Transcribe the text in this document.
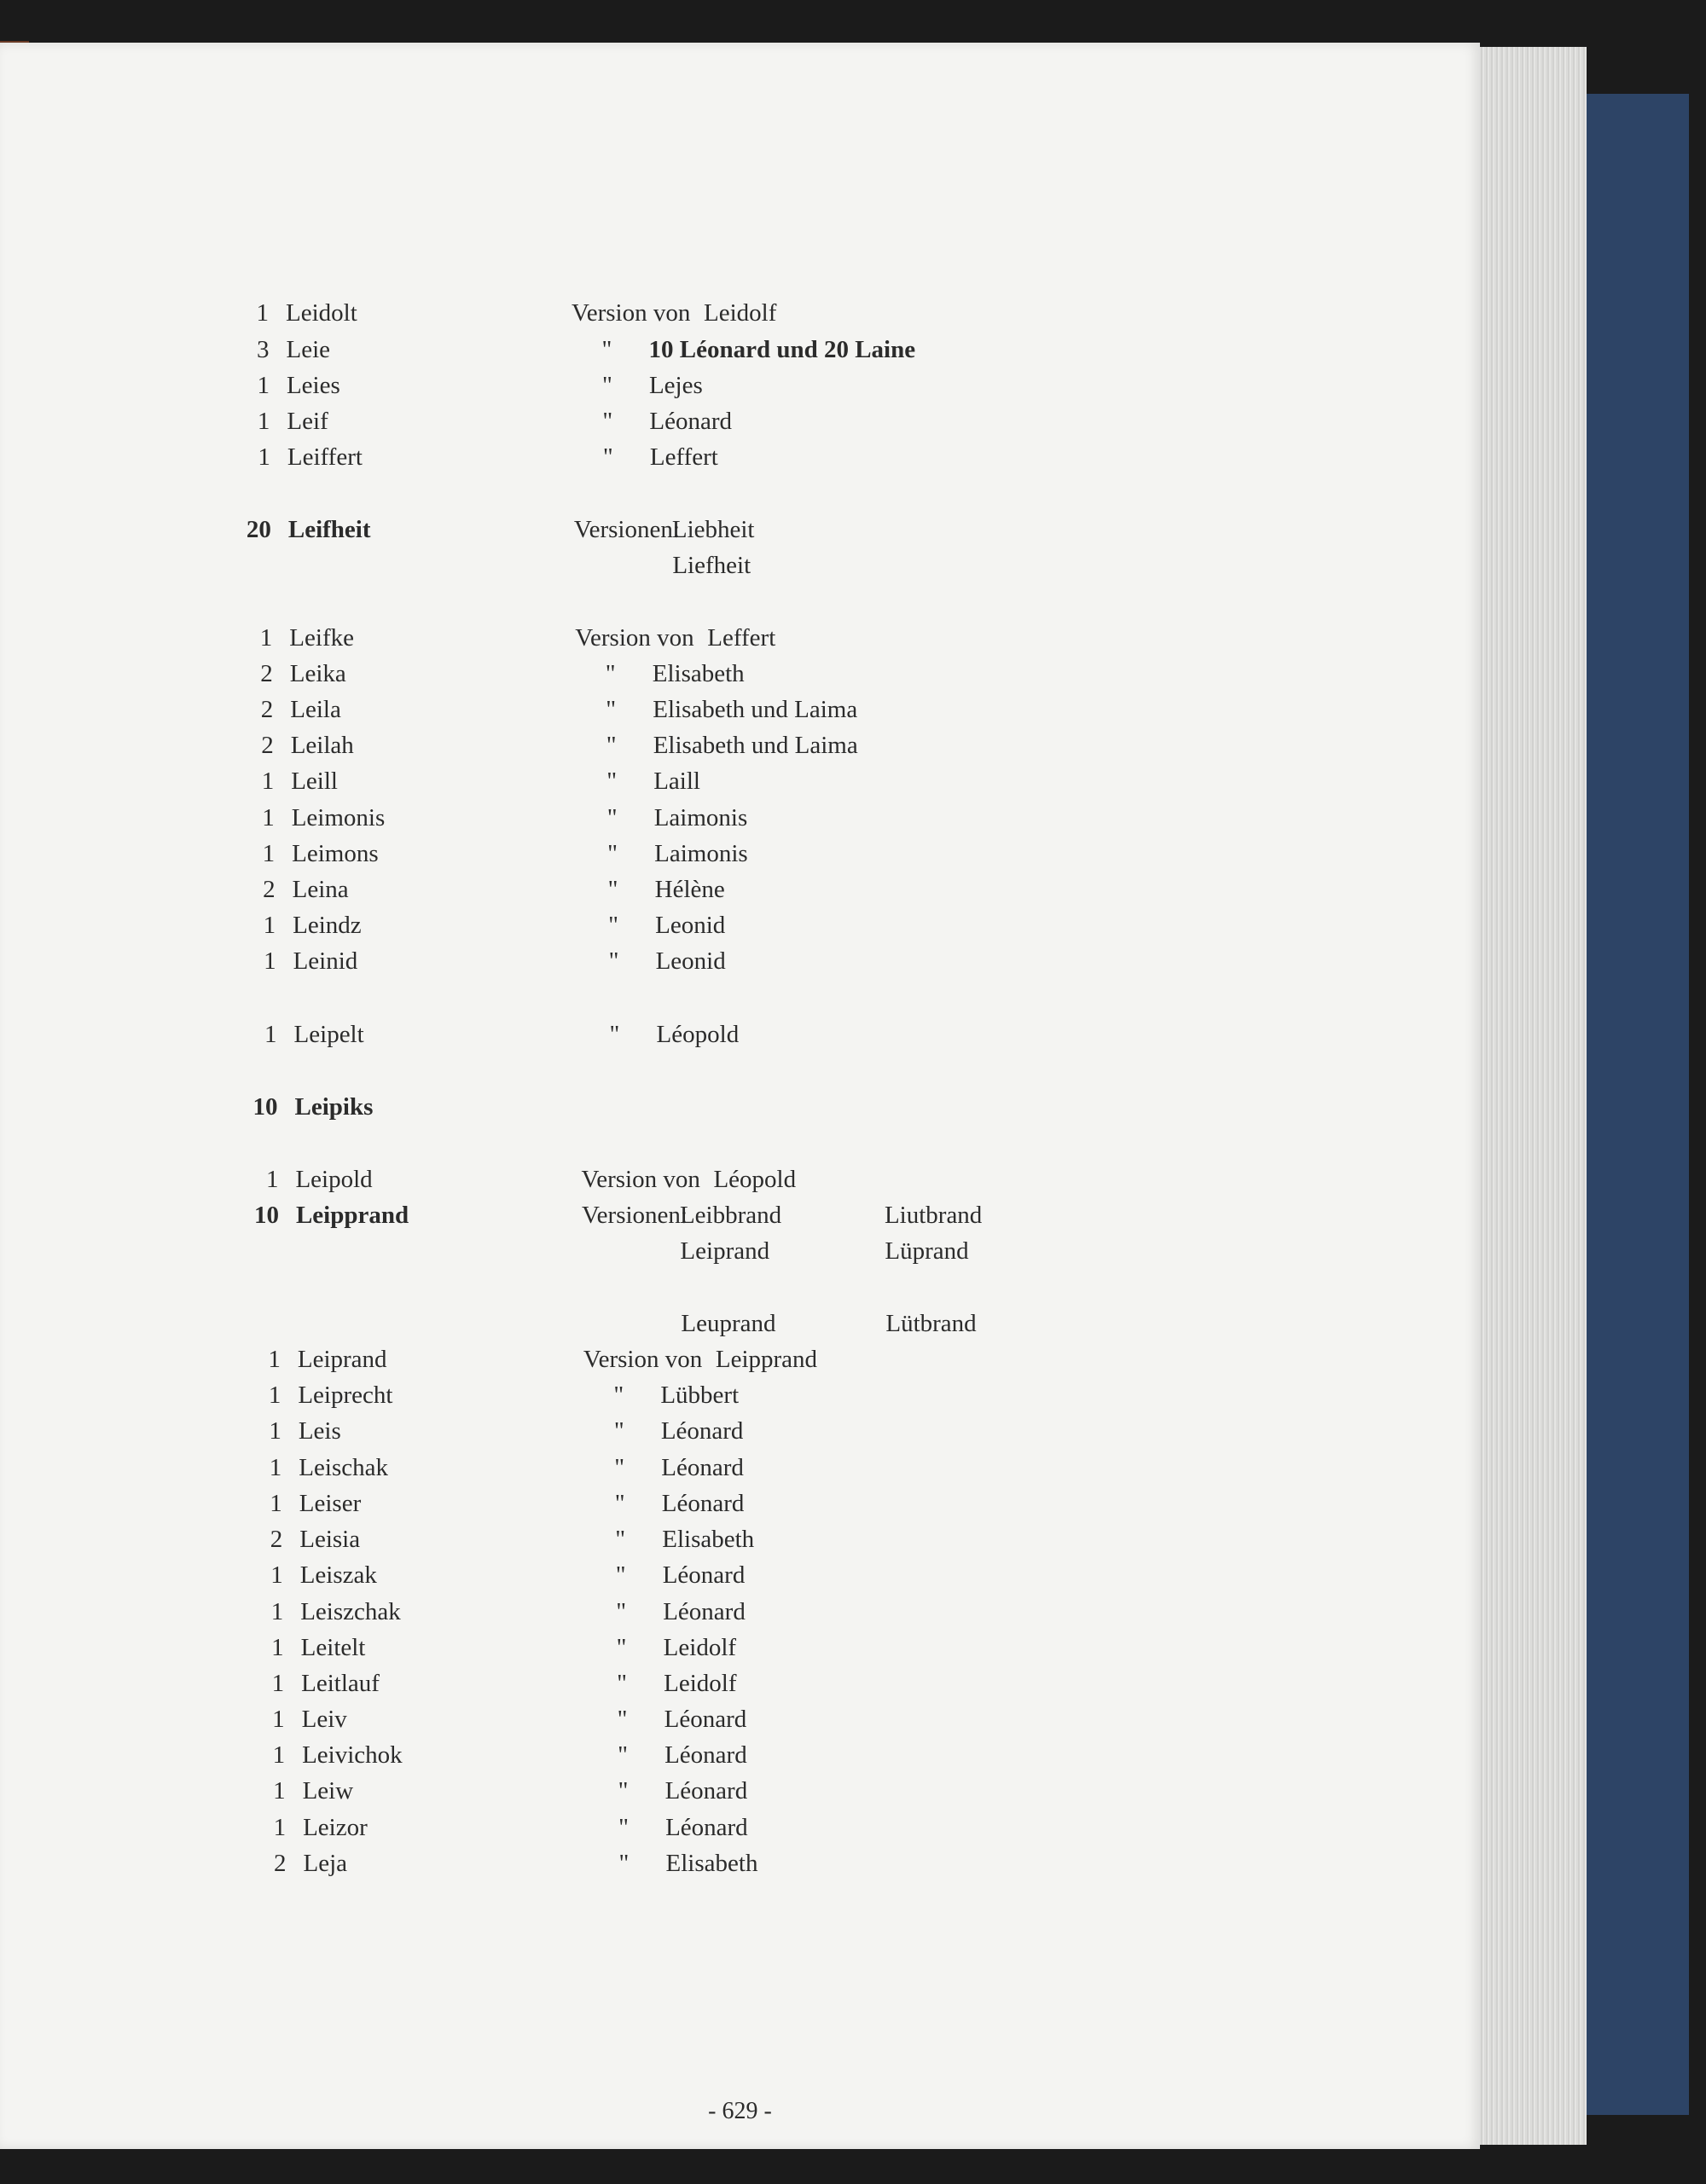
1 Leidolt	Version von Leidolf
3 Leie	" 10 Léonard und 20 Laine
1 Leies	" Lejes
1 Leif	" Léonard
1 Leiffert	" Leffert
20 Leifheit	Versionen:
Liebheit
Liefheit
1 Leifke	Version von Leffert
2 Leika	" Elisabeth
2 Leila	" Elisabeth und Laima
2 Leilah	" Elisabeth und Laima
1 Leill	" Laill
1 Leimonis	" Laimonis
1 Leimons	" Laimonis
2 Leina	" Hélène
1 Leindz	" Leonid
1 Leinid	" Leonid
1 Leipelt	" Léopold
10 Leipiks
1 Leipold	Version von Léopold
10 Leipprand	Versionen:
Leibbrand	Liutbrand
Leiprand	Lüprand
Leuprand	Lütbrand
1 Leiprand	Version von Leipprand
1 Leiprecht	" Lübbert
1 Leis	" Léonard
1 Leischak	" Léonard
1 Leiser	" Léonard
2 Leisia	" Elisabeth
1 Leiszak	" Léonard
1 Leiszchak	" Léonard
1 Leitelt	" Leidolf
1 Leitlauf	" Leidolf
1 Leiv	" Léonard
1 Leivichok	" Léonard
1 Leiw	" Léonard
1 Leizor	" Léonard
2 Leja	" Elisabeth
- 629 -
